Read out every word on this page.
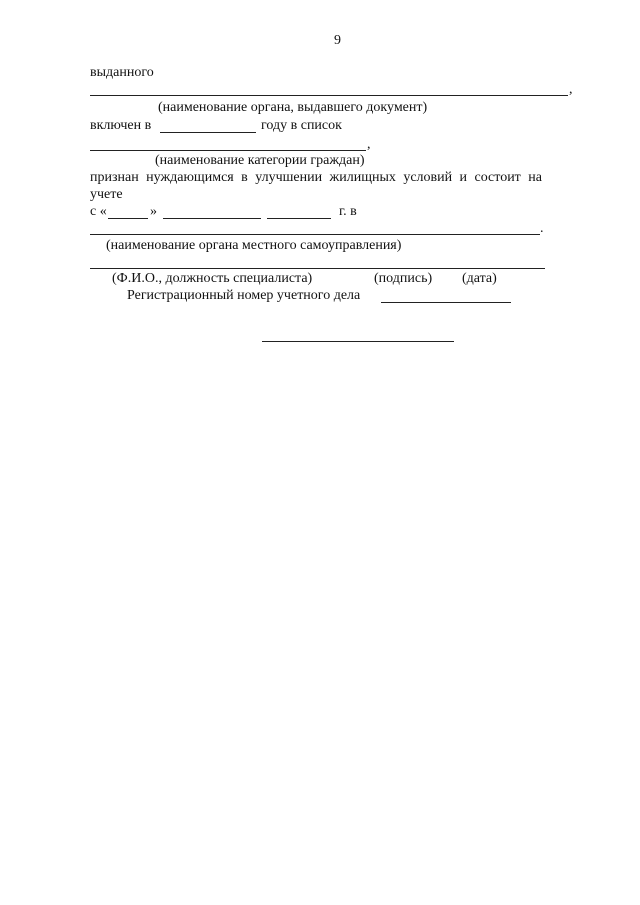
9
выданного
,
(наименование органа, выдавшего документ)
включен в	году в список
,
(наименование категории граждан)
признан нуждающимся в улучшении жилищных условий и состоит на
учете
с «	»	г. в
.
(наименование органа местного самоуправления)
(Ф.И.О., должность специалиста)	(подпись) (дата)
Регистрационный номер учетного дела
